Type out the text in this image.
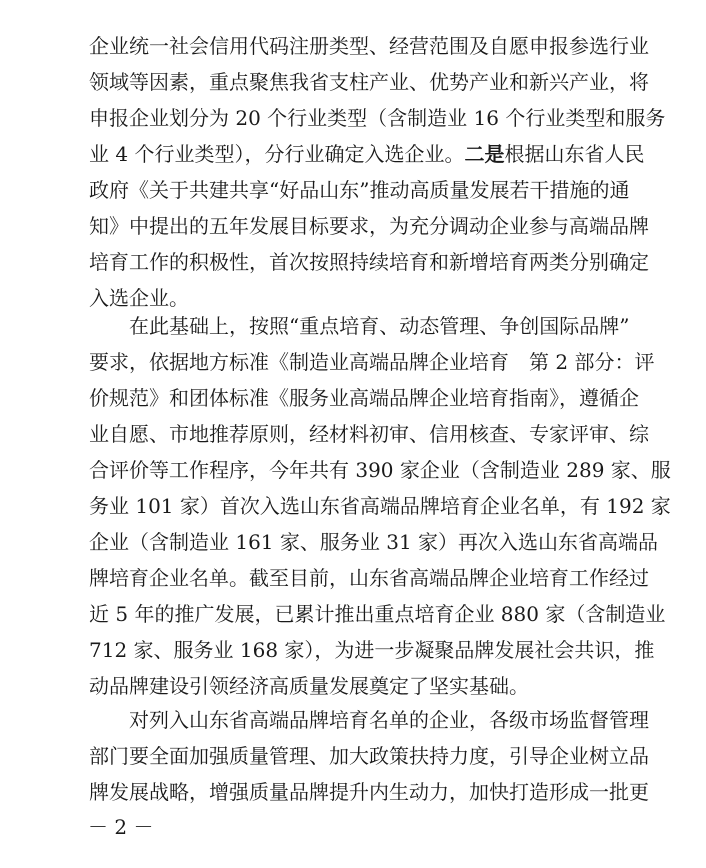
企业统一社会信用代码注册类型、经营范围及自愿申报参选行业
领域等因素，重点聚焦我省支柱产业、优势产业和新兴产业，将
申报企业划分为 20 个行业类型（含制造业 16 个行业类型和服务
业 4 个行业类型），分行业确定入选企业。二是根据山东省人民
政府《关于共建共享“好品山东”推动高质量发展若干措施的通
知》中提出的五年发展目标要求，为充分调动企业参与高端品牌
培育工作的积极性，首次按照持续培育和新增培育两类分别确定
入选企业。
在此基础上，按照“重点培育、动态管理、争创国际品牌”
要求，依据地方标准《制造业高端品牌企业培育　第 2 部分：评
价规范》和团体标准《服务业高端品牌企业培育指南》，遵循企
业自愿、市地推荐原则，经材料初审、信用核查、专家评审、综
合评价等工作程序，今年共有 390 家企业（含制造业 289 家、服
务业 101 家）首次入选山东省高端品牌培育企业名单，有 192 家
企业（含制造业 161 家、服务业 31 家）再次入选山东省高端品
牌培育企业名单。截至目前，山东省高端品牌企业培育工作经过
近 5 年的推广发展，已累计推出重点培育企业 880 家（含制造业
712 家、服务业 168 家），为进一步凝聚品牌发展社会共识，推
动品牌建设引领经济高质量发展奠定了坚实基础。
对列入山东省高端品牌培育名单的企业，各级市场监督管理
部门要全面加强质量管理、加大政策扶持力度，引导企业树立品
牌发展战略，增强质量品牌提升内生动力，加快打造形成一批更
－ 2 －
